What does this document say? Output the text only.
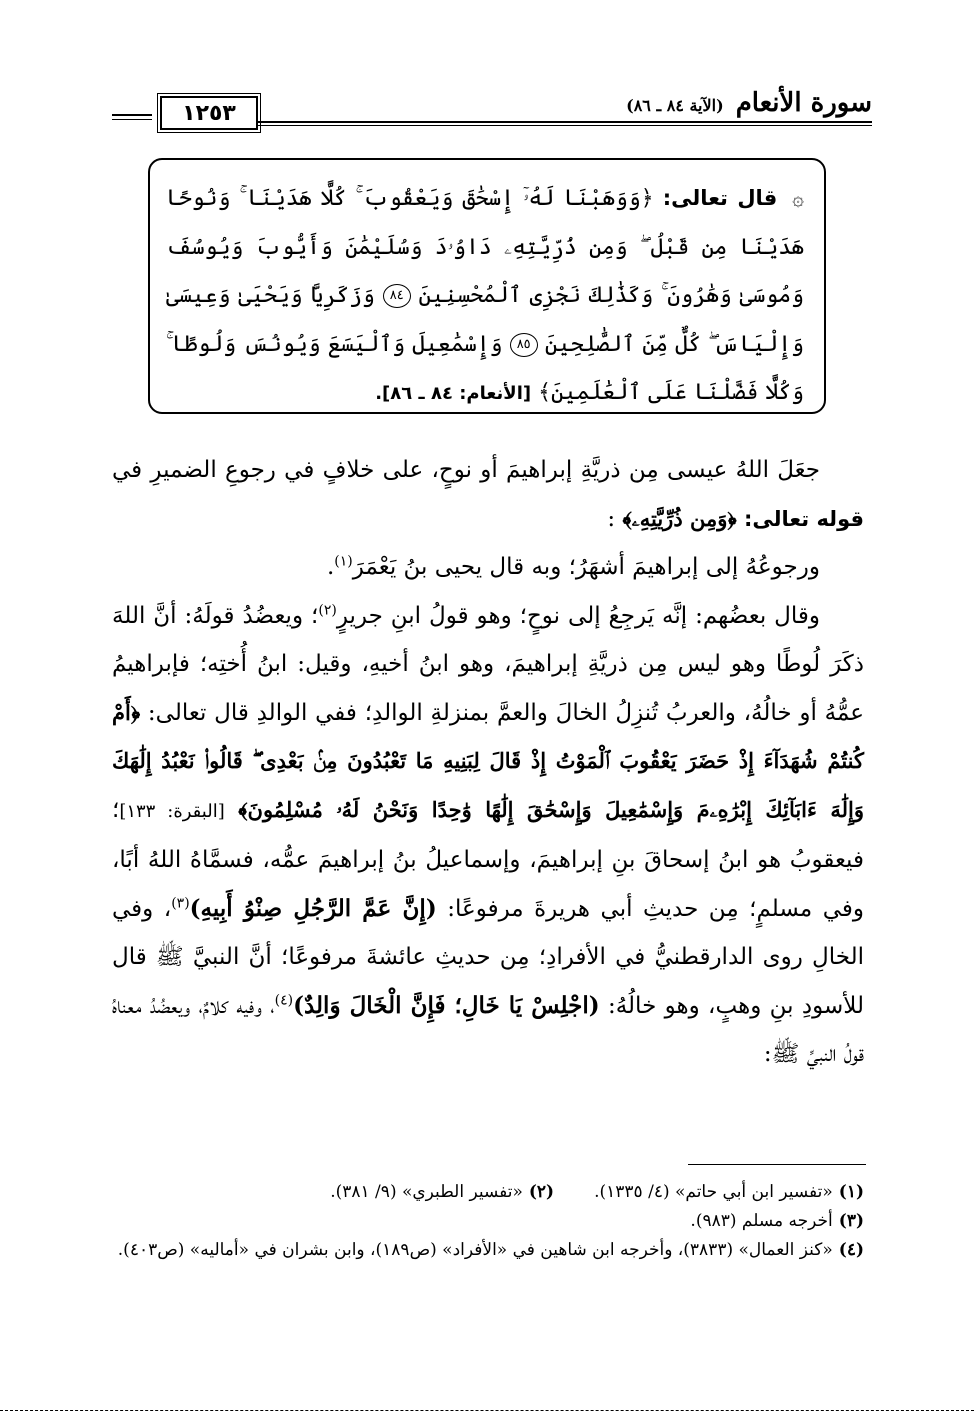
١٢٥٣	سورة الأنعام (الآية ٨٤ ـ ٨٦)
۞ قال تعالى: ﴿وَوَهَبْنَا لَهُۥٓ إِسْحَٰقَ وَيَعْقُوبَ ۚ كُلًّا هَدَيْنَا ۚ وَنُوحًا هَدَيْنَا مِن قَبْلُ ۖ وَمِن ذُرِّيَّتِهِۦ دَاوُۥدَ وَسُلَيْمَٰنَ وَأَيُّوبَ وَيُوسُفَ وَمُوسَىٰ وَهَٰرُونَ ۚ وَكَذَٰلِكَ نَجْزِى ٱلْمُحْسِنِينَ ٨٤ وَزَكَرِيَّا وَيَحْيَىٰ وَعِيسَىٰ وَإِلْيَاسَ ۖ كُلٌّ مِّنَ ٱلصَّٰلِحِينَ ٨٥ وَإِسْمَٰعِيلَ وَٱلْيَسَعَ وَيُونُسَ وَلُوطًا ۚ وَكُلًّا فَضَّلْنَا عَلَى ٱلْعَٰلَمِينَ﴾ [الأنعام: ٨٤ ـ ٨٦].

جعَلَ اللهُ عيسى مِن ذريَّةِ إبراهيمَ أو نوحٍ، على خلافٍ في رجوعِ الضميرِ في قوله تعالى: ﴿وَمِن ذُرِّيَّتِهِۦ﴾ :

ورجوعُهُ إلى إبراهيمَ أشهَرُ؛ وبه قال يحيى بنُ يَعْمَرَ$^{(١)}$.

وقال بعضُهم: إنَّه يَرجِعُ إلى نوحٍ؛ وهو قولُ ابنِ جريرٍ$^{(٢)}$؛ ويعضُدُ قولَهُ: أنَّ اللهَ ذكَرَ لُوطًا وهو ليس مِن ذريَّةِ إبراهيمَ، وهو ابنُ أخيهِ، وقيل: ابنُ أُختِه؛ فإبراهيمُ عمُّهُ أو خالُهُ، والعربُ تُنزِلُ الخالَ والعمَّ بمنزلةِ الوالدِ؛ ففي الوالدِ قال تعالى: ﴿أَمْ كُنتُمْ شُهَدَآءَ إِذْ حَضَرَ يَعْقُوبَ ٱلْمَوْتُ إِذْ قَالَ لِبَنِيهِ مَا تَعْبُدُونَ مِنۢ بَعْدِى ۖ قَالُوا۟ نَعْبُدُ إِلَٰهَكَ وَإِلَٰهَ ءَابَآئِكَ إِبْرَٰهِۦمَ وَإِسْمَٰعِيلَ وَإِسْحَٰقَ إِلَٰهًا وَٰحِدًا وَنَحْنُ لَهُۥ مُسْلِمُونَ﴾ [البقرة: ١٣٣]؛ فيعقوبُ هو ابنُ إسحاقَ بنِ إبراهيمَ، وإسماعيلُ بنُ إبراهيمَ عمُّه، فسمَّاهُ اللهُ أبًا، وفي مسلمٍ؛ مِن حديثِ أبي هريرةَ مرفوعًا: (إِنَّ عَمَّ الرَّجُلِ صِنْوُ أَبِيهِ)$^{(٣)}$، وفي الخالِ روى الدارقطنيُّ في الأفرادِ؛ مِن حديثِ عائشةَ مرفوعًا؛ أنَّ النبيَّ ﷺ قال للأسودِ بنِ وهبٍ، وهو خالُهُ: (اجْلِسْ يَا خَالِ؛ فَإِنَّ الْخَالَ وَالِدٌ)$^{(٤)}$، وفيه كلامٌ، ويعضُدُ معناهُ قولُ النبيِّ ﷺ:

(١)«تفسير ابن أبي حاتم» (٤/ ١٣٣٥).
(٢)«تفسير الطبري» (٩/ ٣٨١).

(٣)أخرجه مسلم (٩٨٣).

(٤)«كنز العمال» (٣٨٣٣)، وأخرجه ابن شاهين في «الأفراد» (ص١٨٩)، وابن بشران في «أماليه» (ص٤٠٣).
